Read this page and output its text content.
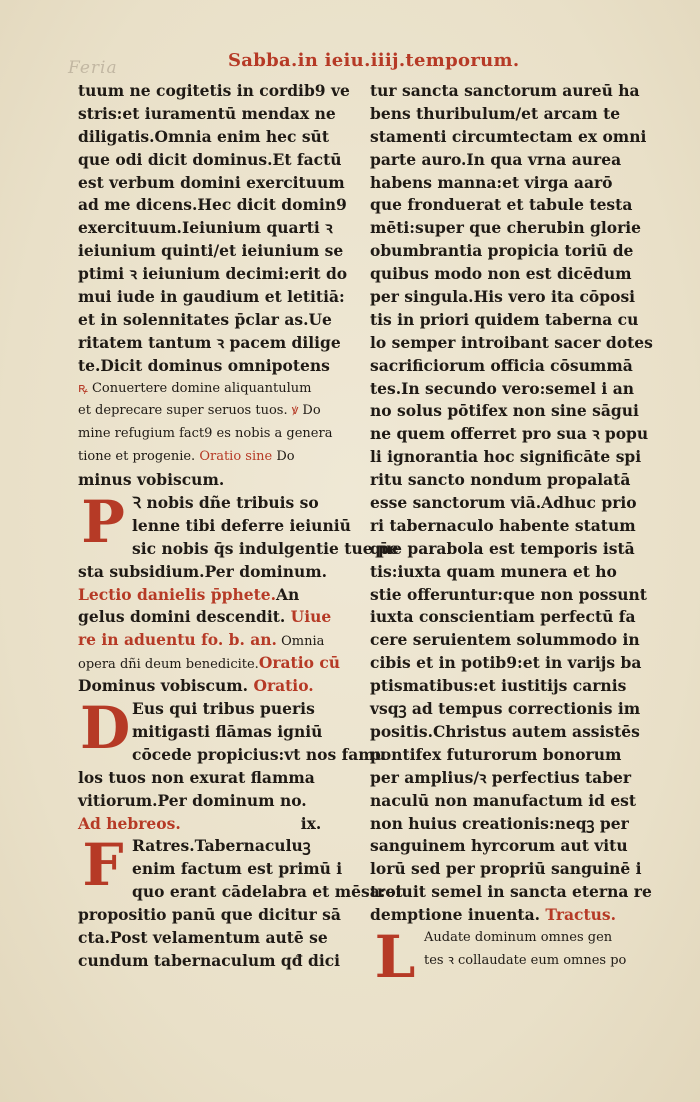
Feria	Sabba.in ieiu.iiij.temporum.
tuum ne cogitetis in cordib9 ve
stris:et iuramentū mendax ne
diligatis.Omnia enim hec sūt
que odi dicit dominus.Et factū
est verbum domini exercituum
ad me dicens.Hec dicit domin9
exercituum.Ieiunium quarti ꝛ
ieiunium quinti/et ieiunium se
ptimi ꝛ ieiunium decimi:erit do
mui iude in gaudium et letitiā:
et in solennitates p̄clar as.Ue
ritatem tantum ꝛ pacem dilige
te.Dicit dominus omnipotens
ꝶ Conuertere domine aliquantulum
et deprecare super seruos tuos. ꝟ Do
mine refugium fact9 es nobis a genera
tione et progenie. Oratio sine Do
minus vobiscum.
P Ꝛ nobis dñe tribuis so
lenne tibi deferre ieiuniū
sic nobis q̄s indulgentie tue p̄e
sta subsidium.Per dominum.
Lectio danielis p̄phete.An
gelus domini descendit. Uiue
re in aduentu fo. b. an. Omnia
opera dñi deum benedicite.Oratio cū
Dominus vobiscum. Oratio.
D Eus qui tribus pueris
mitigasti flāmas igniū
cōcede propicius:vt nos famu
los tuos non exurat flamma
vitiorum.Per dominum no.
Ad hebreos.	ix.
F Ratres.Tabernaculuꝫ
enim factum est primū i
quo erant cādelabra et mēsa:et
propositio panū que dicitur sā
cta.Post velamentum autē se
cundum tabernaculum qđ dici
tur sancta sanctorum aureū ha
bens thuribulum/et arcam te
stamenti circumtectam ex omni
parte auro.In qua vrna aurea
habens manna:et virga aarō
que fronduerat et tabule testa
mēti:super que cherubin glorie
obumbrantia propicia toriū de
quibus modo non est dicēdum
per singula.His vero ita cōposi
tis in priori quidem taberna cu
lo semper introibant sacer dotes
sacrificiorum officia cōsummā
tes.In secundo vero:semel i an
no solus pōtifex non sine sāgui
ne quem offerret pro sua ꝛ popu
li ignorantia hoc significāte spi
ritu sancto nondum propalatā
esse sanctorum viā.Adhuc prio
ri tabernaculo habente statum
que parabola est temporis istā
tis:iuxta quam munera et ho
stie offeruntur:que non possunt
iuxta conscientiam perfectū fa
cere seruientem solummodo in
cibis et in potib9:et in varijs ba
ptismatibus:et iustitijs carnis
vsqꝫ ad tempus correctionis im
positis.Christus autem assistēs
pontifex futurorum bonorum
per amplius/ꝛ perfectius taber
naculū non manufactum id est
non huius creationis:neqꝫ per
sanguinem hyrcorum aut vitu
lorū sed per propriū sanguinē i
troiuit semel in sancta eterna re
demptione inuenta. Tractus.
L Audate dominum omnes gen
tes ꝛ collaudate eum omnes po
